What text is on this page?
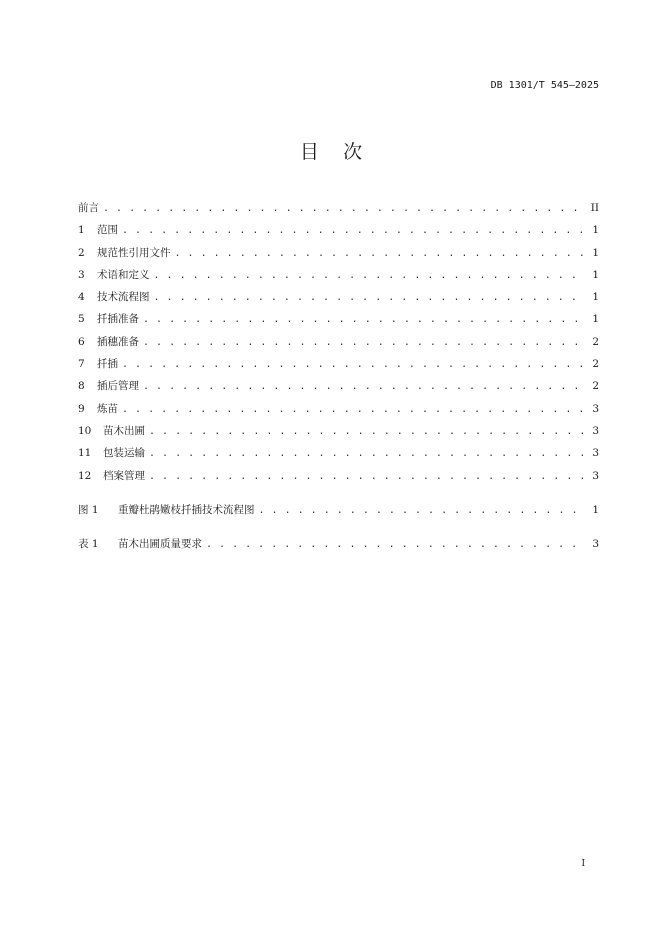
DB 1301/T 545—2025
目    次
前言 . . .	II
1	范围 . . .	1
2	规范性引用文件 . . .	1
3	术语和定义 . . .	1
4	技术流程图 . . .	1
5	扦插准备 . . .	1
6	插穗准备 . . .	2
7	扦插 . . .	2
8	插后管理 . . .	2
9	炼苗 . . .	3
10	苗木出圃 . . .	3
11	包装运输 . . .	3
12	档案管理 . . .	3
图 1	重瓣杜鹃嫩枝扦插技术流程图 . . .	1
表 1	苗木出圃质量要求 . . .	3
I
